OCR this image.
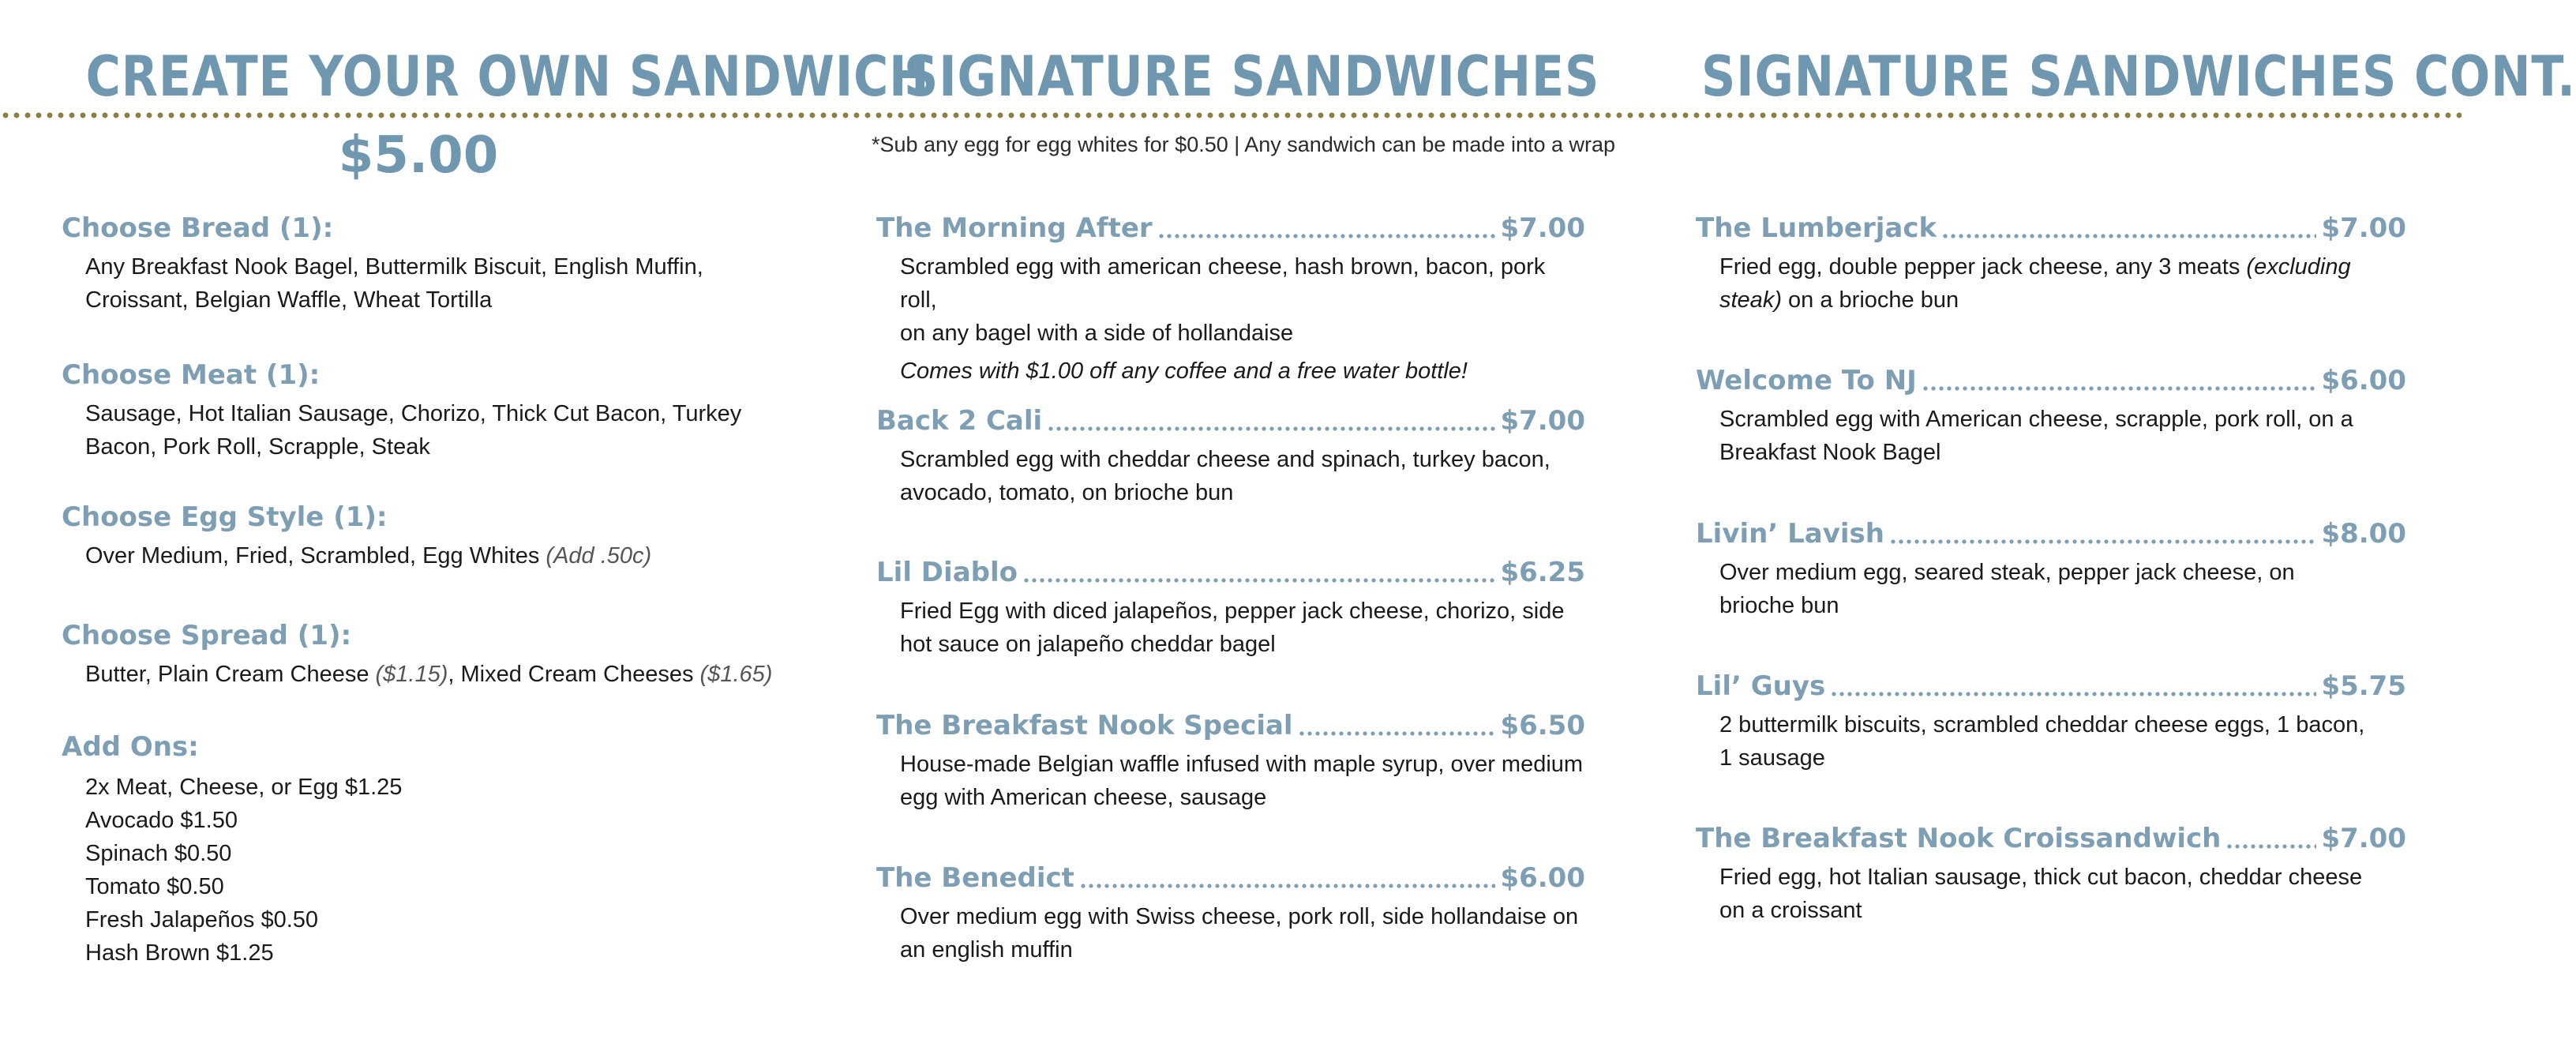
CREATE YOUR OWN SANDWICH
SIGNATURE SANDWICHES SIGNATURE SANDWICHES CONT.
$5.00	*Sub any egg for egg whites for $0.50 | Any sandwich can be made into a wrap
Choose Bread (1):
Any Breakfast Nook Bagel, Buttermilk Biscuit, English Muffin,
Croissant, Belgian Waffle, Wheat Tortilla
Choose Meat (1):
Sausage, Hot Italian Sausage, Chorizo, Thick Cut Bacon, Turkey
Bacon, Pork Roll, Scrapple, Steak
Choose Egg Style (1):
Over Medium, Fried, Scrambled, Egg Whites (Add .50c)
Choose Spread (1):
Butter, Plain Cream Cheese ($1.15), Mixed Cream Cheeses ($1.65)
Add Ons:
2x Meat, Cheese, or Egg $1.25
Avocado $1.50
Spinach $0.50
Tomato $0.50
Fresh Jalapeños $0.50
Hash Brown $1.25
The Morning After	$7.00
Scrambled egg with american cheese, hash brown, bacon, pork roll,
on any bagel with a side of hollandaise
Comes with $1.00 off any coffee and a free water bottle!
Back 2 Cali	$7.00
Scrambled egg with cheddar cheese and spinach, turkey bacon,
avocado, tomato, on brioche bun
Lil Diablo	$6.25
Fried Egg with diced jalapeños, pepper jack cheese, chorizo, side
hot sauce on jalapeño cheddar bagel
The Breakfast Nook Special	$6.50
House-made Belgian waffle infused with maple syrup, over medium
egg with American cheese, sausage
The Benedict	$6.00
Over medium egg with Swiss cheese, pork roll, side hollandaise on
an english muffin
The Lumberjack	$7.00
Fried egg, double pepper jack cheese, any 3 meats (excluding
steak) on a brioche bun
Welcome To NJ	$6.00
Scrambled egg with American cheese, scrapple, pork roll, on a
Breakfast Nook Bagel
Livin’ Lavish	$8.00
Over medium egg, seared steak, pepper jack cheese, on
brioche bun
Lil’ Guys	$5.75
2 buttermilk biscuits, scrambled cheddar cheese eggs, 1 bacon,
1 sausage
The Breakfast Nook Croissandwich	$7.00
Fried egg, hot Italian sausage, thick cut bacon, cheddar cheese
on a croissant
